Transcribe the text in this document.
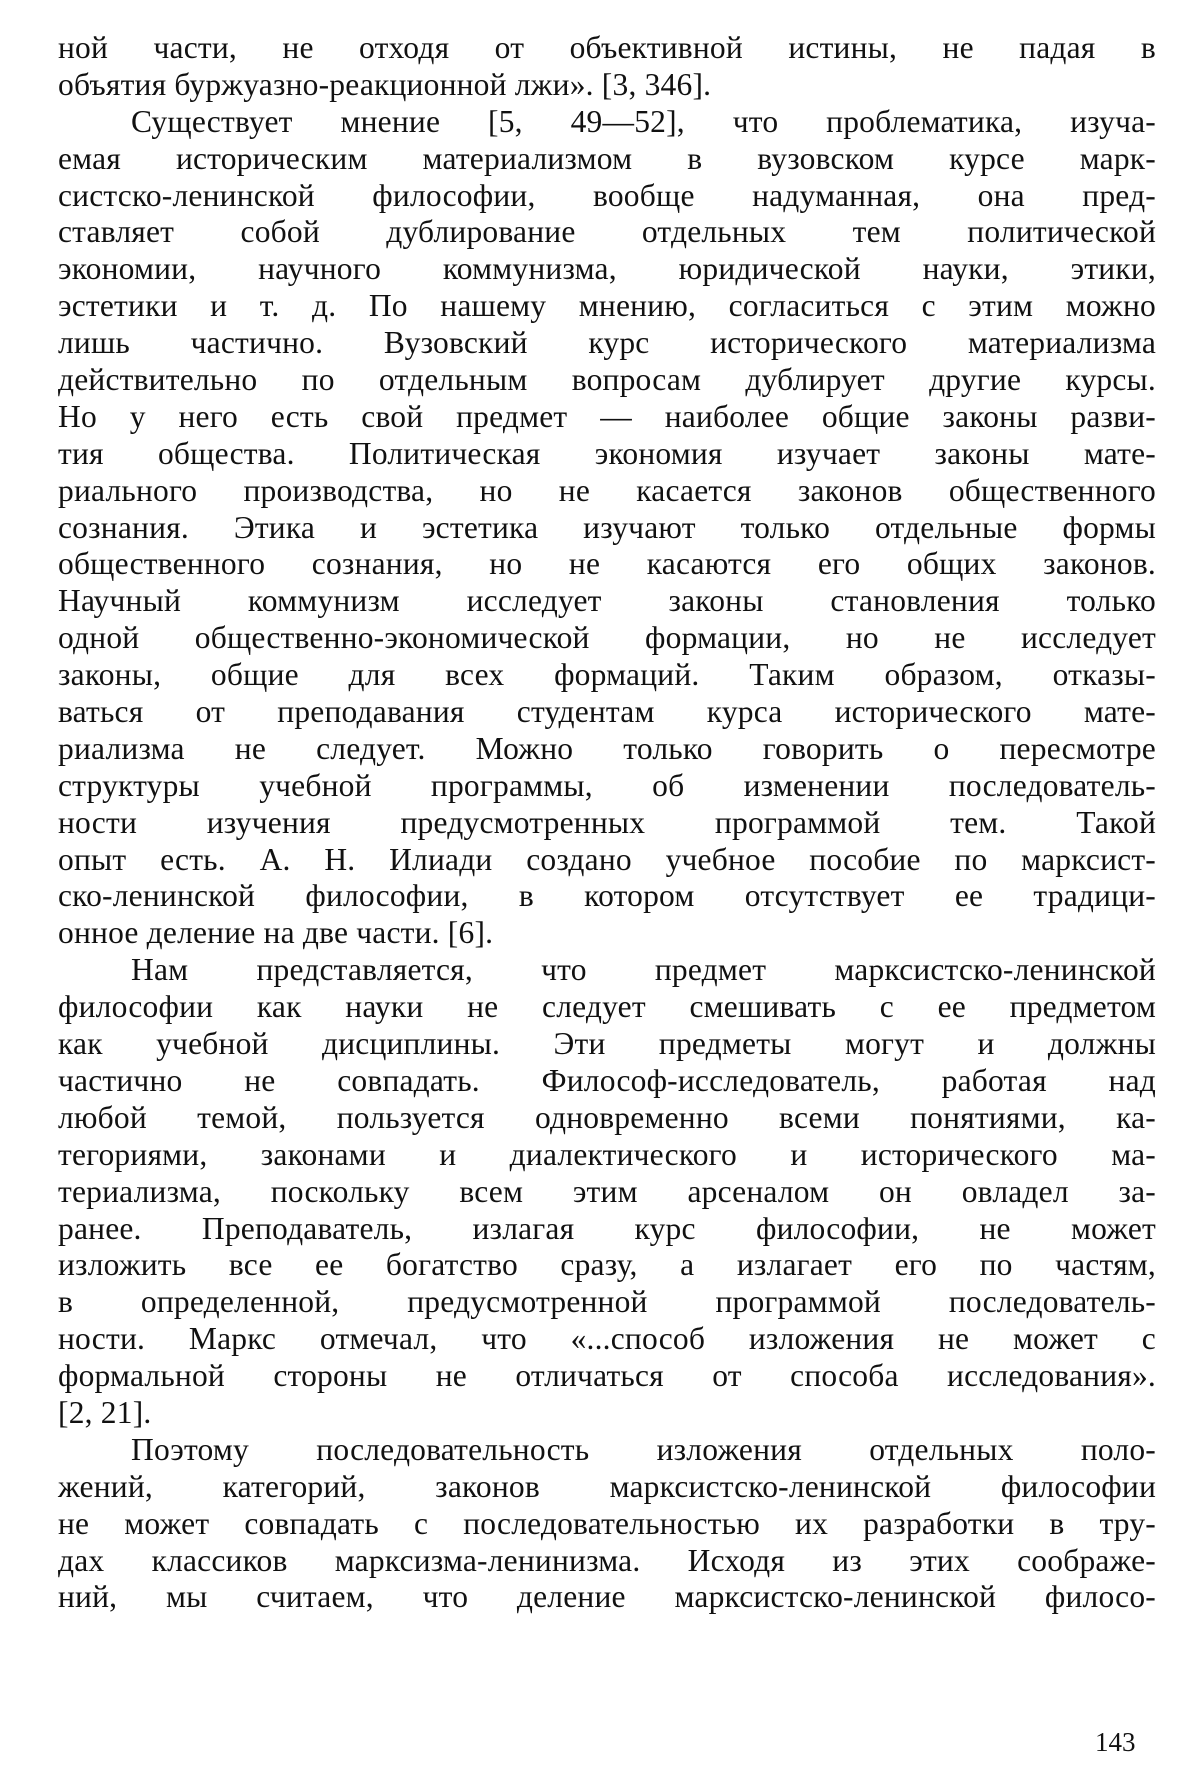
ной части, не отходя от объективной истины, не падая в
объятия буржуазно-реакционной лжи». [3, 346].
Существует мнение [5, 49—52], что проблематика, изуча-
емая историческим материализмом в вузовском курсе марк-
систско-ленинской философии, вообще надуманная, она пред-
ставляет собой дублирование отдельных тем политической
экономии, научного коммунизма, юридической науки, этики,
эстетики и т. д. По нашему мнению, согласиться с этим можно
лишь частично. Вузовский курс исторического материализма
действительно по отдельным вопросам дублирует другие курсы.
Но у него есть свой предмет — наиболее общие законы разви-
тия общества. Политическая экономия изучает законы мате-
риального производства, но не касается законов общественного
сознания. Этика и эстетика изучают только отдельные формы
общественного сознания, но не касаются его общих законов.
Научный коммунизм исследует законы становления только
одной общественно-экономической формации, но не исследует
законы, общие для всех формаций. Таким образом, отказы-
ваться от преподавания студентам курса исторического мате-
риализма не следует. Можно только говорить о пересмотре
структуры учебной программы, об изменении последователь-
ности изучения предусмотренных программой тем. Такой
опыт есть. А. Н. Илиади создано учебное пособие по марксист-
ско-ленинской философии, в котором отсутствует ее традици-
онное деление на две части. [6].
Нам представляется, что предмет марксистско-ленинской
философии как науки не следует смешивать с ее предметом
как учебной дисциплины. Эти предметы могут и должны
частично не совпадать. Философ-исследователь, работая над
любой темой, пользуется одновременно всеми понятиями, ка-
тегориями, законами и диалектического и исторического ма-
териализма, поскольку всем этим арсеналом он овладел за-
ранее. Преподаватель, излагая курс философии, не может
изложить все ее богатство сразу, а излагает его по частям,
в определенной, предусмотренной программой последователь-
ности. Маркс отмечал, что «...способ изложения не может с
формальной стороны не отличаться от способа исследования».
[2, 21].
Поэтому последовательность изложения отдельных поло-
жений, категорий, законов марксистско-ленинской философии
не может совпадать с последовательностью их разработки в тру-
дах классиков марксизма-ленинизма. Исходя из этих соображе-
ний, мы считаем, что деление марксистско-ленинской филосо-
143
